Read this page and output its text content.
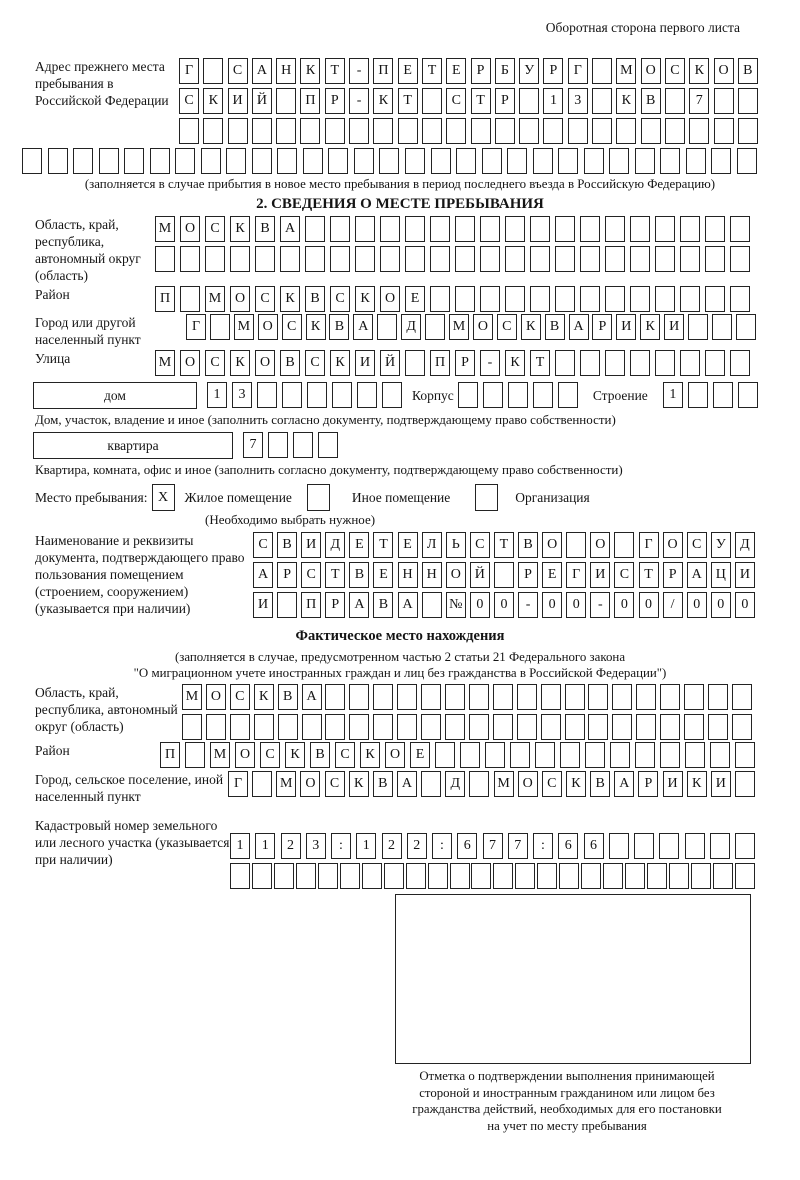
Оборотная сторона первого листа
Адрес прежнего места пребывания в Российской Федерации
Г	С	А	Н	К	Т	-	П	Е	Т	Е	Р	Б	У	Р	Г	М О	С	К	О	В
С	К	И	Й	П	Р	-	К	Т	С	Т	Р	1	3	К	В	7
(заполняется в случае прибытия в новое место пребывания в период последнего въезда в Российскую Федерацию)
2. СВЕДЕНИЯ О МЕСТЕ ПРЕБЫВАНИЯ
Область, край, республика, автономный округ (область)
М О	С	К	В	А
Район	П	М О	С	К	В	С	К	О	Е
Город или другой населенный пункт
Г	М О	С	К	В	А	Д	М О	С	К	В	А	Р	И	К	И
Улица	М О	С	К	О	В	С	К	И	Й	П	Р	-	К	Т
дом	1	3	Корпус	Строение	1
Дом, участок, владение и иное (заполнить согласно документу, подтверждающему право собственности)
квартира	7
Квартира, комната, офис и иное (заполнить согласно документу, подтверждающему право собственности)
Место пребывания: X	Жилое помещение	Иное помещение	Организация
(Необходимо выбрать нужное)
Наименование и реквизиты документа, подтверждающего право пользования помещением (строением, сооружением) (указывается при наличии)
С	В	И	Д	Е	Т	Е	Л	Ь	С	Т	В	О	О	Г	О	С	У	Д
А	Р	С	Т	В	Е	Н Н О Й	Р	Е	Г	И	С	Т	Р	А Ц И
И	П	Р	А	В	А	№ 0	0	-	0	0	-	0	0	/	0	0	0
Фактическое место нахождения
(заполняется в случае, предусмотренном частью 2 статьи 21 Федерального закона
"О миграционном учете иностранных граждан и лиц без гражданства в Российской Федерации")
Область, край, республика, автономный округ (область)
М О	С	К	В	А
Район	П	М О	С	К	В	С	К	О	Е
Город, сельское поселение, иной населенный пункт
Г	М О	С	К	В	А	Д	М О	С	К	В	А	Р	И	К	И
Кадастровый номер земельного или лесного участка (указывается при наличии)
1	1	2	3	:	1	2	2	:	6	7	7	:	6	6
Отметка о подтверждении выполнения принимающей
стороной и иностранным гражданином или лицом без
гражданства действий, необходимых для его постановки
на учет по месту пребывания
